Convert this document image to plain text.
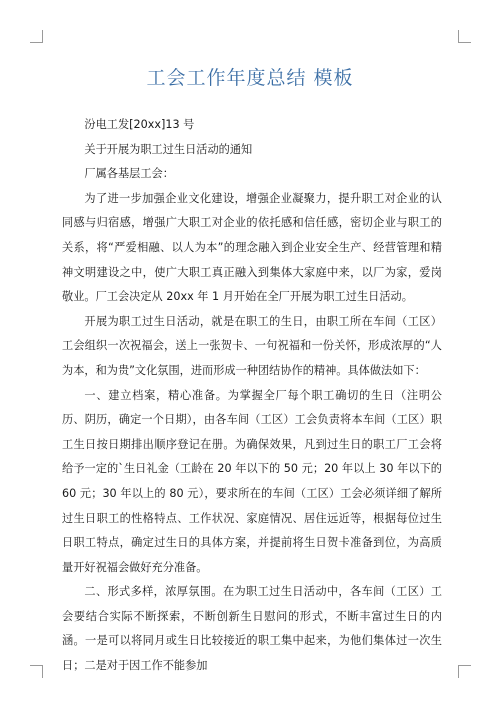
工会工作年度总结 模板

汾电工发[20xx]13 号

关于开展为职工过生日活动的通知

厂属各基层工会：

为了进一步加强企业文化建设，增强企业凝聚力，提升职工对企业的认同感与归宿感，增强广大职工对企业的依托感和信任感，密切企业与职工的关系，将“严爱相融、以人为本”的理念融入到企业安全生产、经营管理和精神文明建设之中，使广大职工真正融入到集体大家庭中来，以厂为家，爱岗敬业。厂工会决定从 20xx 年 1 月开始在全厂开展为职工过生日活动。

开展为职工过生日活动，就是在职工的生日，由职工所在车间（工区）工会组织一次祝福会，送上一张贺卡、一句祝福和一份关怀，形成浓厚的“人为本，和为贵”文化氛围，进而形成一种团结协作的精神。具体做法如下：

一、建立档案，精心准备。为掌握全厂每个职工确切的生日（注明公历、阴历，确定一个日期），由各车间（工区）工会负责将本车间（工区）职工生日按日期排出顺序登记在册。为确保效果，凡到过生日的职工厂工会将给予一定的`生日礼金（工龄在 20 年以下的 50 元；20 年以上 30 年以下的 60 元；30 年以上的 80 元），要求所在的车间（工区）工会必须详细了解所过生日职工的性格特点、工作状况、家庭情况、居住远近等，根据每位过生日职工特点，确定过生日的具体方案，并提前将生日贺卡准备到位，为高质量开好祝福会做好充分准备。

二、形式多样，浓厚氛围。在为职工过生日活动中，各车间（工区）工会要结合实际不断探索，不断创新生日慰问的形式，不断丰富过生日的内涵。一是可以将同月或生日比较接近的职工集中起来，为他们集体过一次生日；二是对于因工作不能参加
